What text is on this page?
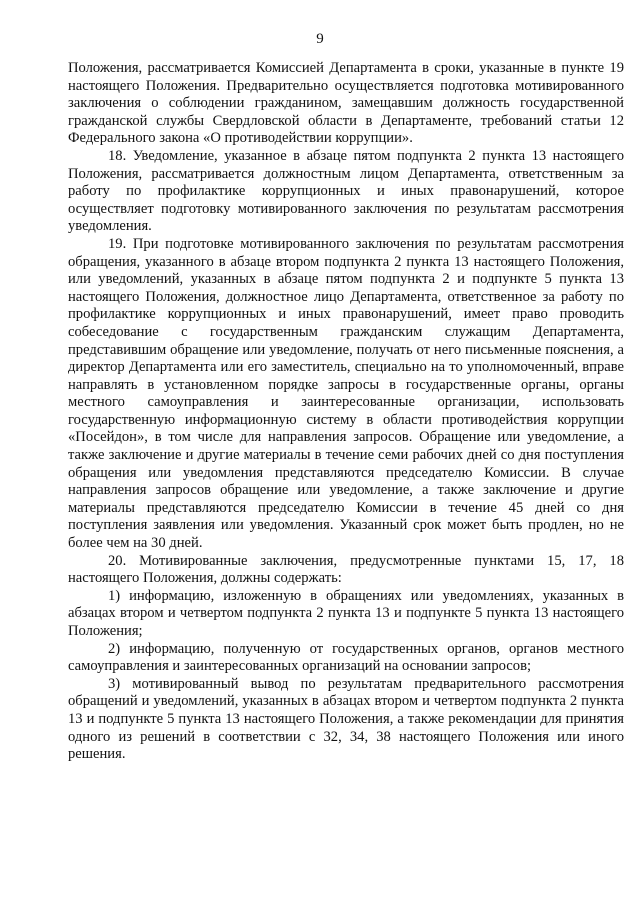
9

Положения, рассматривается Комиссией Департамента в сроки, указанные в пункте 19 настоящего Положения. Предварительно осуществляется подготовка мотивированного заключения о соблюдении гражданином, замещавшим должность государственной гражданской службы Свердловской области в Департаменте, требований статьи 12 Федерального закона «О противодействии коррупции».

18. Уведомление, указанное в абзаце пятом подпункта 2 пункта 13 настоящего Положения, рассматривается должностным лицом Департамента, ответственным за работу по профилактике коррупционных и иных правонарушений, которое осуществляет подготовку мотивированного заключения по результатам рассмотрения уведомления.

19. При подготовке мотивированного заключения по результатам рассмотрения обращения, указанного в абзаце втором подпункта 2 пункта 13 настоящего Положения, или уведомлений, указанных в абзаце пятом подпункта 2 и подпункте 5 пункта 13 настоящего Положения, должностное лицо Департамента, ответственное за работу по профилактике коррупционных и иных правонарушений, имеет право проводить собеседование с государственным гражданским служащим Департамента, представившим обращение или уведомление, получать от него письменные пояснения, а директор Департамента или его заместитель, специально на то уполномоченный, вправе направлять в установленном порядке запросы в государственные органы, органы местного самоуправления и заинтересованные организации, использовать государственную информационную систему в области противодействия коррупции «Посейдон», в том числе для направления запросов. Обращение или уведомление, а также заключение и другие материалы в течение семи рабочих дней со дня поступления обращения или уведомления представляются председателю Комиссии. В случае направления запросов обращение или уведомление, а также заключение и другие материалы представляются председателю Комиссии в течение 45 дней со дня поступления заявления или уведомления. Указанный срок может быть продлен, но не более чем на 30 дней.

20. Мотивированные заключения, предусмотренные пунктами 15, 17, 18 настоящего Положения, должны содержать:

1) информацию, изложенную в обращениях или уведомлениях, указанных в абзацах втором и четвертом подпункта 2 пункта 13 и подпункте 5 пункта 13 настоящего Положения;

2) информацию, полученную от государственных органов, органов местного самоуправления и заинтересованных организаций на основании запросов;

3) мотивированный вывод по результатам предварительного рассмотрения обращений и уведомлений, указанных в абзацах втором и четвертом подпункта 2 пункта 13 и подпункте 5 пункта 13 настоящего Положения, а также рекомендации для принятия одного из решений в соответствии с 32, 34, 38 настоящего Положения или иного решения.
